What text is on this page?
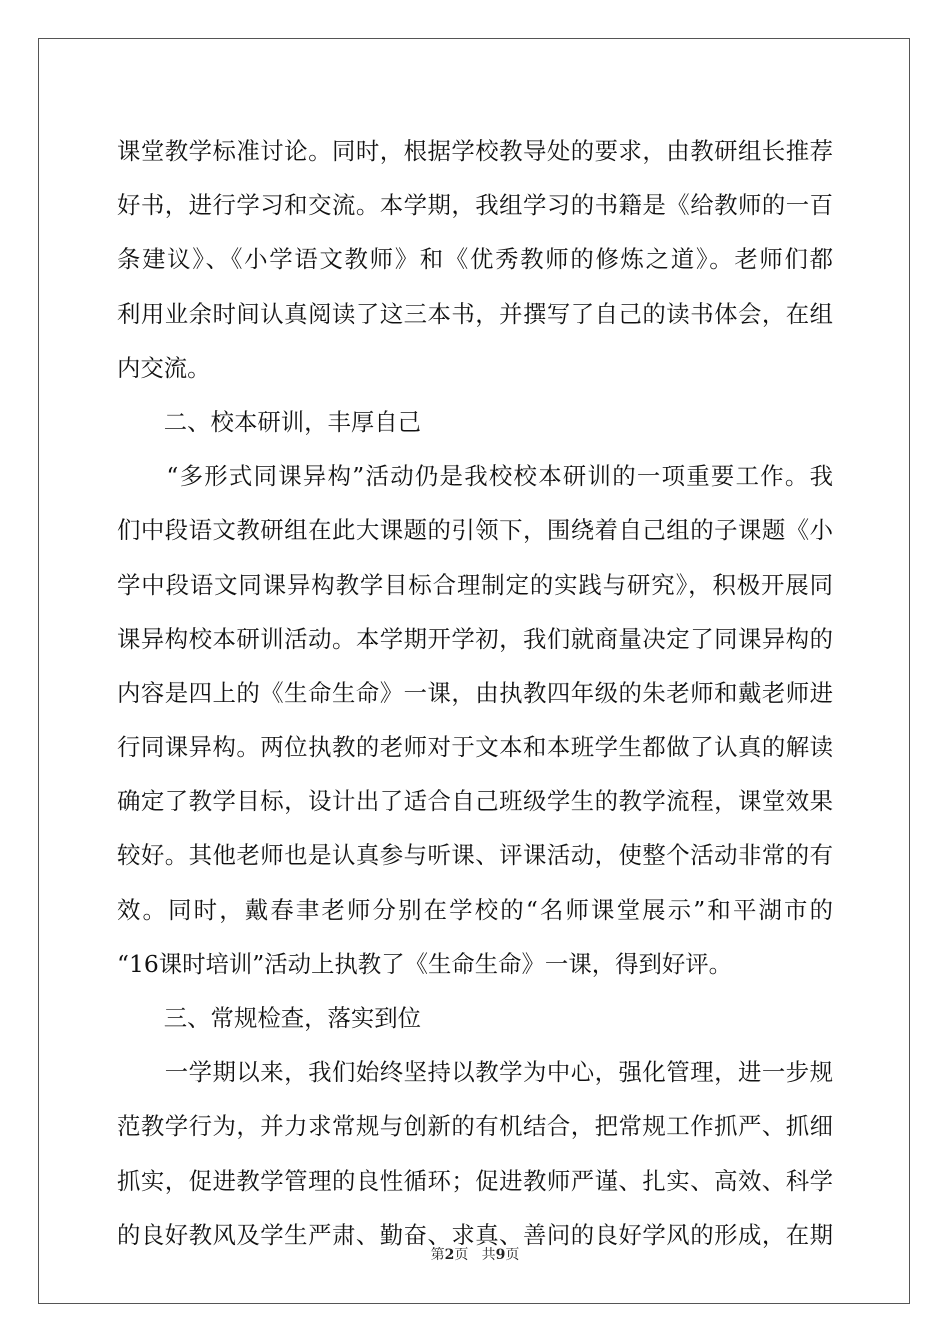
课堂教学标准讨论。同时，根据学校教导处的要求，由教研组长推荐
好书，进行学习和交流。本学期，我组学习的书籍是《给教师的一百
条建议》、《小学语文教师》和《优秀教师的修炼之道》。老师们都
利用业余时间认真阅读了这三本书，并撰写了自己的读书体会，在组
内交流。
　　二、校本研训，丰厚自己
　　“多形式同课异构”活动仍是我校校本研训的一项重要工作。我
们中段语文教研组在此大课题的引领下，围绕着自己组的子课题《小
学中段语文同课异构教学目标合理制定的实践与研究》，积极开展同
课异构校本研训活动。本学期开学初，我们就商量决定了同课异构的
内容是四上的《生命生命》一课，由执教四年级的朱老师和戴老师进
行同课异构。两位执教的老师对于文本和本班学生都做了认真的解读
确定了教学目标，设计出了适合自己班级学生的教学流程，课堂效果
较好。其他老师也是认真参与听课、评课活动，使整个活动非常的有
效。同时，戴春聿老师分别在学校的“名师课堂展示”和平湖市的
“16课时培训”活动上执教了《生命生命》一课，得到好评。
　　三、常规检查，落实到位
　　一学期以来，我们始终坚持以教学为中心，强化管理，进一步规
范教学行为，并力求常规与创新的有机结合，把常规工作抓严、抓细
抓实，促进教学管理的良性循环；促进教师严谨、扎实、高效、科学
的良好教风及学生严肃、勤奋、求真、善问的良好学风的形成，在期
第2页 共9页
